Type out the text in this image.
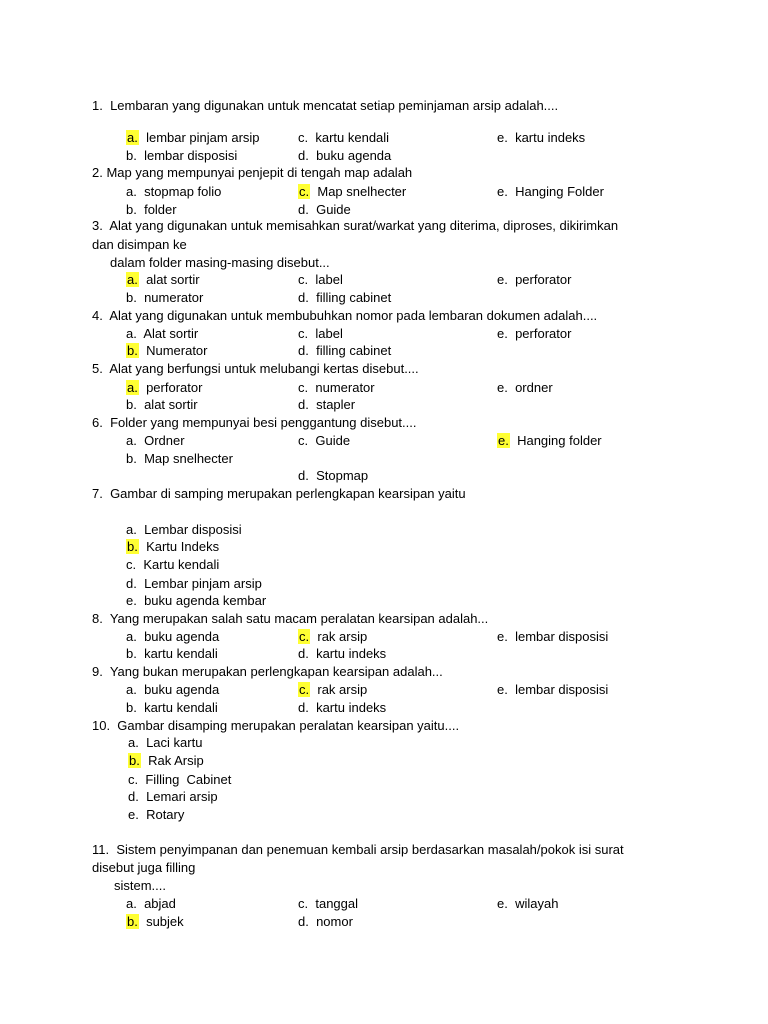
1.  Lembaran yang digunakan untuk mencatat setiap peminjaman arsip adalah....
a. lembar pinjam arsip
b. lembar disposisi
c. kartu kendali
d. buku agenda
e. kartu indeks
2. Map yang mempunyai penjepit di tengah map adalah
a. stopmap folio
b. folder
c. Map snelhecter
d. Guide
e. Hanging Folder
3.  Alat yang digunakan untuk memisahkan surat/warkat yang diterima, diproses, dikirimkan
dan disimpan ke
dalam folder masing-masing disebut...
a. alat sortir
b. numerator
c. label
d. filling cabinet
e. perforator
4.  Alat yang digunakan untuk membubuhkan nomor pada lembaran dokumen adalah....
a. Alat sortir
b. Numerator
c. label
d. filling cabinet
e. perforator
5.  Alat yang berfungsi untuk melubangi kertas disebut....
a. perforator
b. alat sortir
c. numerator
d. stapler
e. ordner
6.  Folder yang mempunyai besi penggantung disebut....
a. Ordner
b. Map snelhecter
c. Guide
d. Stopmap
e. Hanging folder
7.  Gambar di samping merupakan perlengkapan kearsipan yaitu
a. Lembar disposisi
b. Kartu Indeks
c. Kartu kendali
d. Lembar pinjam arsip
e. buku agenda kembar
8.  Yang merupakan salah satu macam peralatan kearsipan adalah...
a. buku agenda
b. kartu kendali
c. rak arsip
d. kartu indeks
e. lembar disposisi
9.  Yang bukan merupakan perlengkapan kearsipan adalah...
a. buku agenda
b. kartu kendali
c. rak arsip
d. kartu indeks
e. lembar disposisi
10.  Gambar disamping merupakan peralatan kearsipan yaitu....
a. Laci kartu
b. Rak Arsip
c. Filling  Cabinet
d. Lemari arsip
e. Rotary
11.  Sistem penyimpanan dan penemuan kembali arsip berdasarkan masalah/pokok isi surat
disebut juga filling
sistem....
a. abjad
b. subjek
c. tanggal
d. nomor
e. wilayah
